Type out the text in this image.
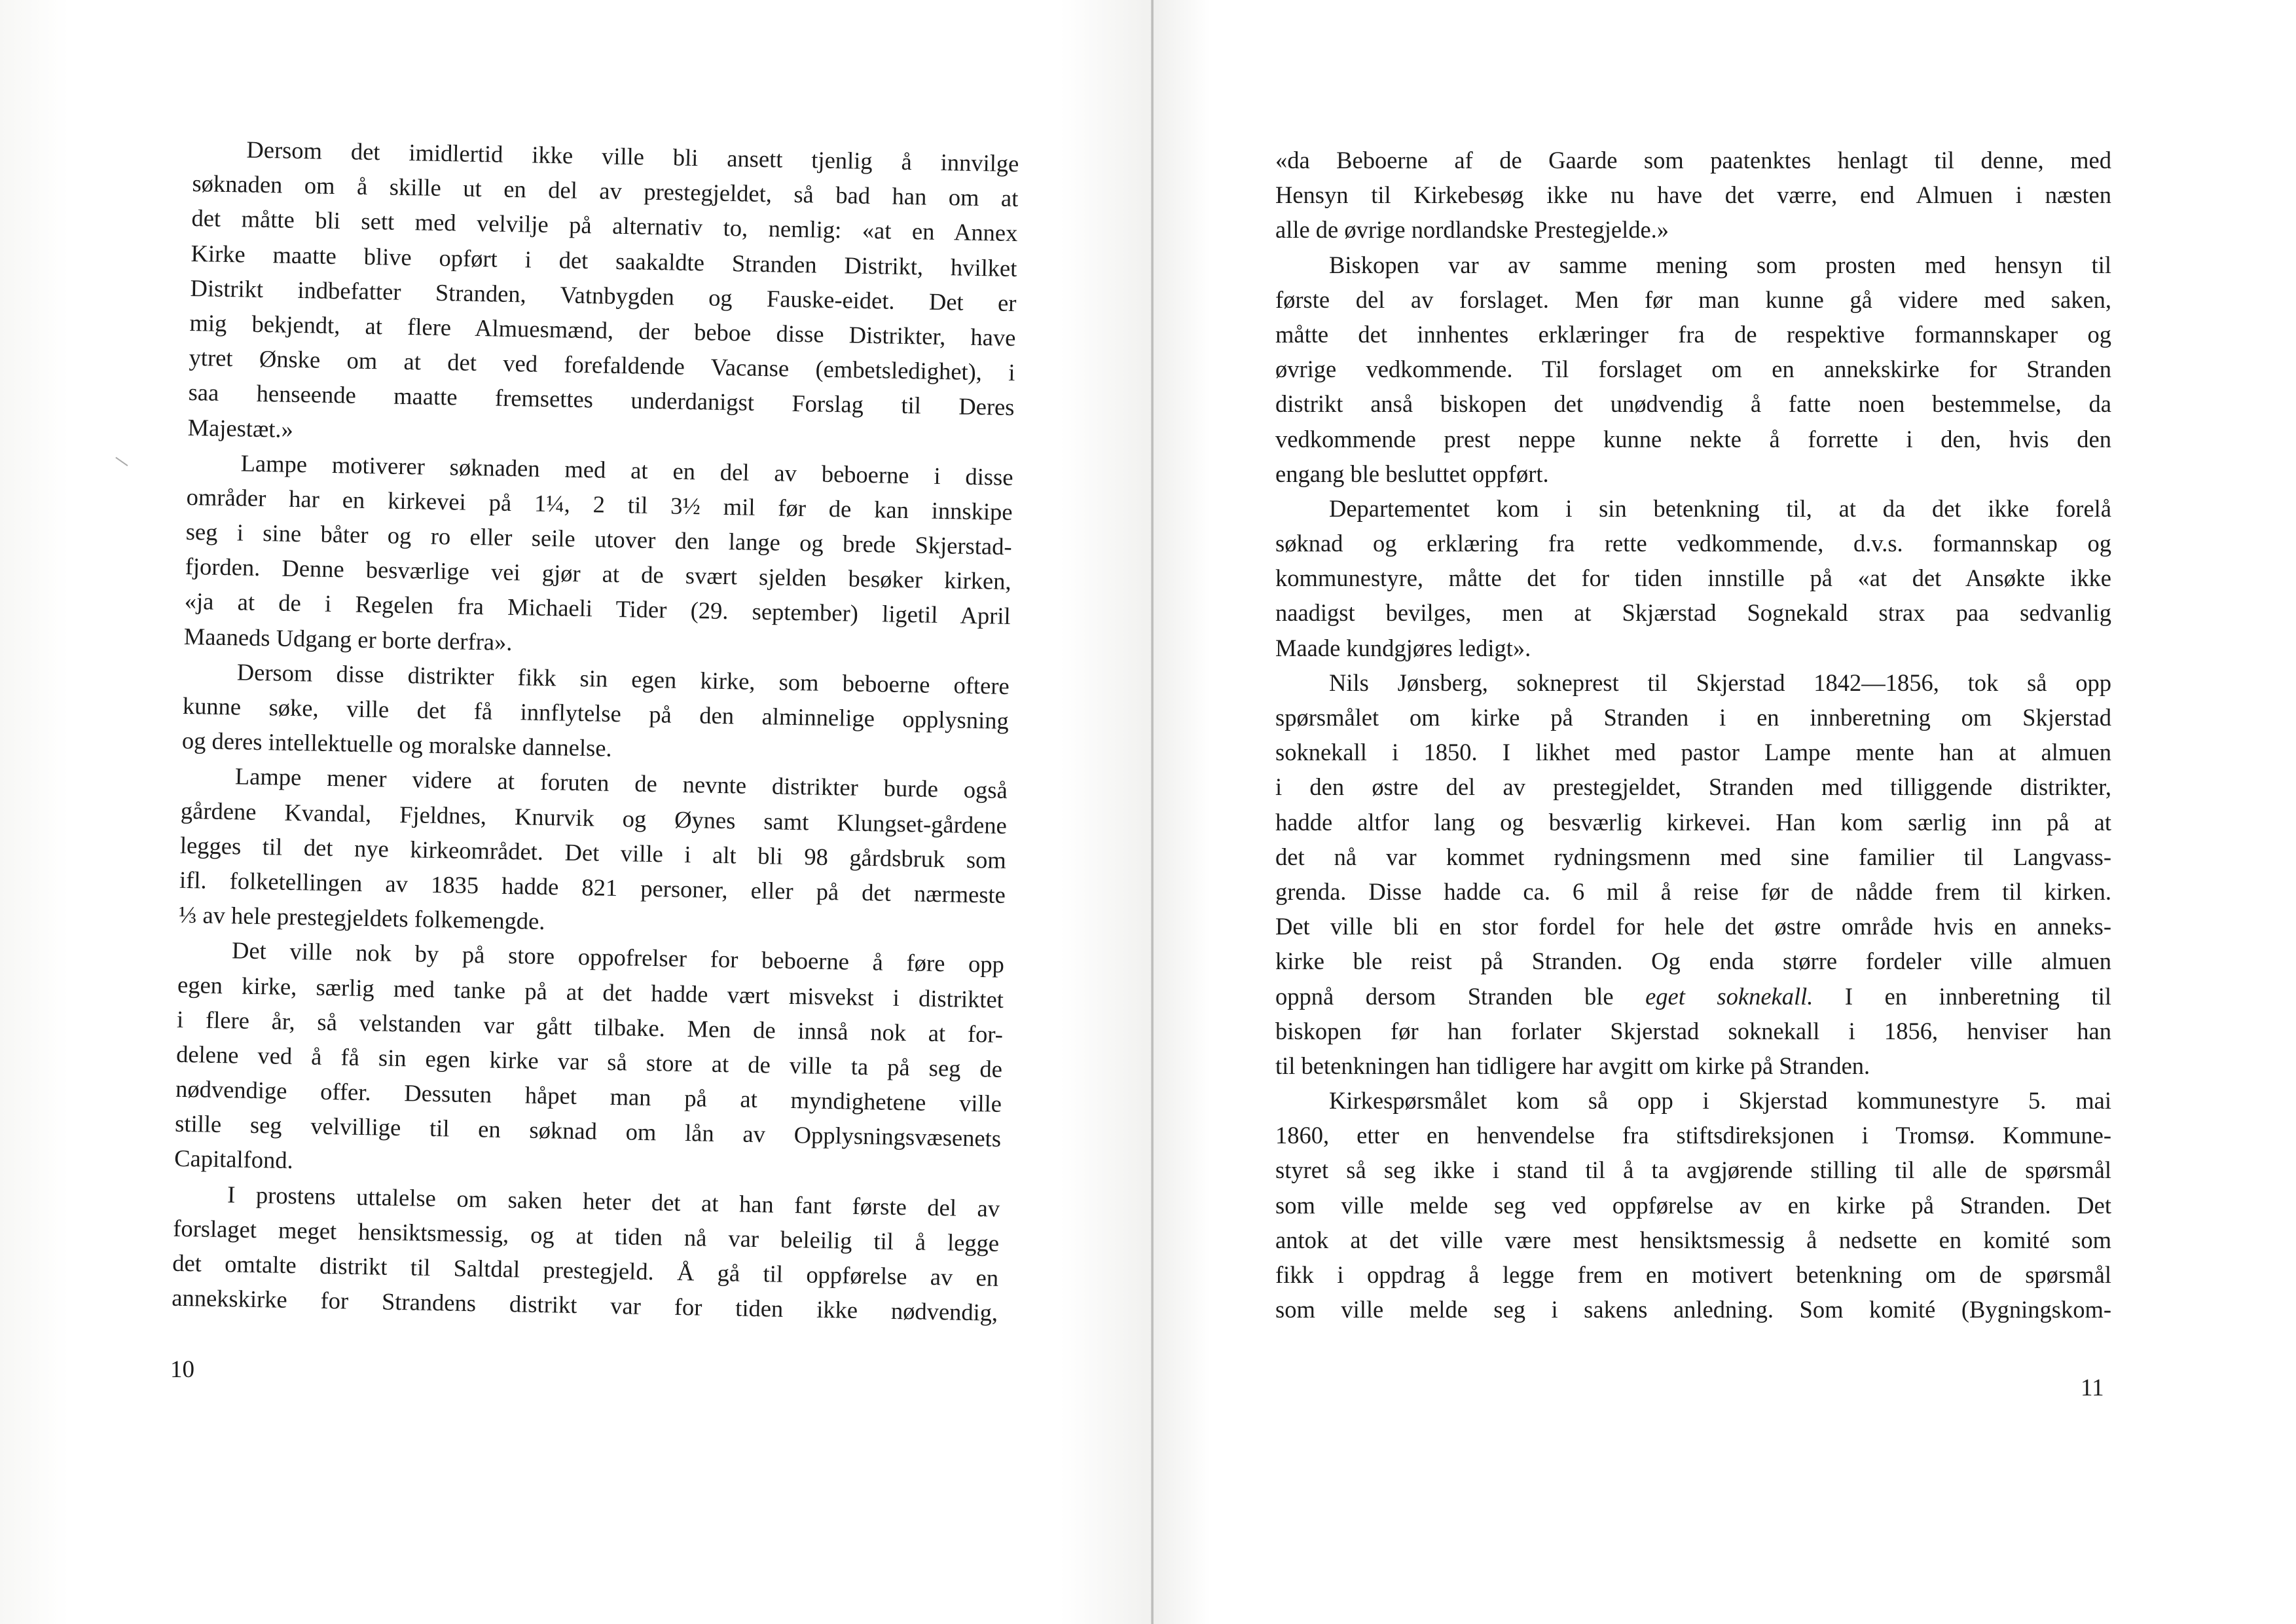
Dersom det imidlertid ikke ville bli ansett tjenlig å innvilge
søknaden om å skille ut en del av prestegjeldet, så bad han om at
det måtte bli sett med velvilje på alternativ to, nemlig: «at en Annex
Kirke maatte blive opført i det saakaldte Stranden Distrikt, hvilket
Distrikt indbefatter Stranden, Vatnbygden og Fauske-eidet. Det er
mig bekjendt, at flere Almuesmænd, der beboe disse Distrikter, have
ytret Ønske om at det ved forefaldende Vacanse (embetsledighet), i
saa henseende maatte fremsettes underdanigst Forslag til Deres
Majestæt.»
Lampe motiverer søknaden med at en del av beboerne i disse
områder har en kirkevei på 1¼, 2 til 3½ mil før de kan innskipe
seg i sine båter og ro eller seile utover den lange og brede Skjerstad-
fjorden. Denne besværlige vei gjør at de svært sjelden besøker kirken,
«ja at de i Regelen fra Michaeli Tider (29. september) ligetil April
Maaneds Udgang er borte derfra».
Dersom disse distrikter fikk sin egen kirke, som beboerne oftere
kunne søke, ville det få innflytelse på den alminnelige opplysning
og deres intellektuelle og moralske dannelse.
Lampe mener videre at foruten de nevnte distrikter burde også
gårdene Kvandal, Fjeldnes, Knurvik og Øynes samt Klungset-gårdene
legges til det nye kirkeområdet. Det ville i alt bli 98 gårdsbruk som
ifl. folketellingen av 1835 hadde 821 personer, eller på det nærmeste
⅓ av hele prestegjeldets folkemengde.
Det ville nok by på store oppofrelser for beboerne å føre opp
egen kirke, særlig med tanke på at det hadde vært misvekst i distriktet
i flere år, så velstanden var gått tilbake. Men de innså nok at for-
delene ved å få sin egen kirke var så store at de ville ta på seg de
nødvendige offer. Dessuten håpet man på at myndighetene ville
stille seg velvillige til en søknad om lån av Opplysningsvæsenets
Capitalfond.
I prostens uttalelse om saken heter det at han fant første del av
forslaget meget hensiktsmessig, og at tiden nå var beleilig til å legge
det omtalte distrikt til Saltdal prestegjeld. Å gå til oppførelse av en
annekskirke for Strandens distrikt var for tiden ikke nødvendig,
10
«da Beboerne af de Gaarde som paatenktes henlagt til denne, med
Hensyn til Kirkebesøg ikke nu have det værre, end Almuen i næsten
alle de øvrige nordlandske Prestegjelde.»
Biskopen var av samme mening som prosten med hensyn til
første del av forslaget. Men før man kunne gå videre med saken,
måtte det innhentes erklæringer fra de respektive formannskaper og
øvrige vedkommende. Til forslaget om en annekskirke for Stranden
distrikt anså biskopen det unødvendig å fatte noen bestemmelse, da
vedkommende prest neppe kunne nekte å forrette i den, hvis den
engang ble besluttet oppført.
Departementet kom i sin betenkning til, at da det ikke forelå
søknad og erklæring fra rette vedkommende, d.v.s. formannskap og
kommunestyre, måtte det for tiden innstille på «at det Ansøkte ikke
naadigst bevilges, men at Skjærstad Sognekald strax paa sedvanlig
Maade kundgjøres ledigt».
Nils Jønsberg, sokneprest til Skjerstad 1842—1856, tok så opp
spørsmålet om kirke på Stranden i en innberetning om Skjerstad
soknekall i 1850. I likhet med pastor Lampe mente han at almuen
i den østre del av prestegjeldet, Stranden med tilliggende distrikter,
hadde altfor lang og besværlig kirkevei. Han kom særlig inn på at
det nå var kommet rydningsmenn med sine familier til Langvass-
grenda. Disse hadde ca. 6 mil å reise før de nådde frem til kirken.
Det ville bli en stor fordel for hele det østre område hvis en anneks-
kirke ble reist på Stranden. Og enda større fordeler ville almuen
oppnå dersom Stranden ble eget soknekall. I en innberetning til
biskopen før han forlater Skjerstad soknekall i 1856, henviser han
til betenkningen han tidligere har avgitt om kirke på Stranden.
Kirkespørsmålet kom så opp i Skjerstad kommunestyre 5. mai
1860, etter en henvendelse fra stiftsdireksjonen i Tromsø. Kommune-
styret så seg ikke i stand til å ta avgjørende stilling til alle de spørsmål
som ville melde seg ved oppførelse av en kirke på Stranden. Det
antok at det ville være mest hensiktsmessig å nedsette en komité som
fikk i oppdrag å legge frem en motivert betenkning om de spørsmål
som ville melde seg i sakens anledning. Som komité (Bygningskom-
11
